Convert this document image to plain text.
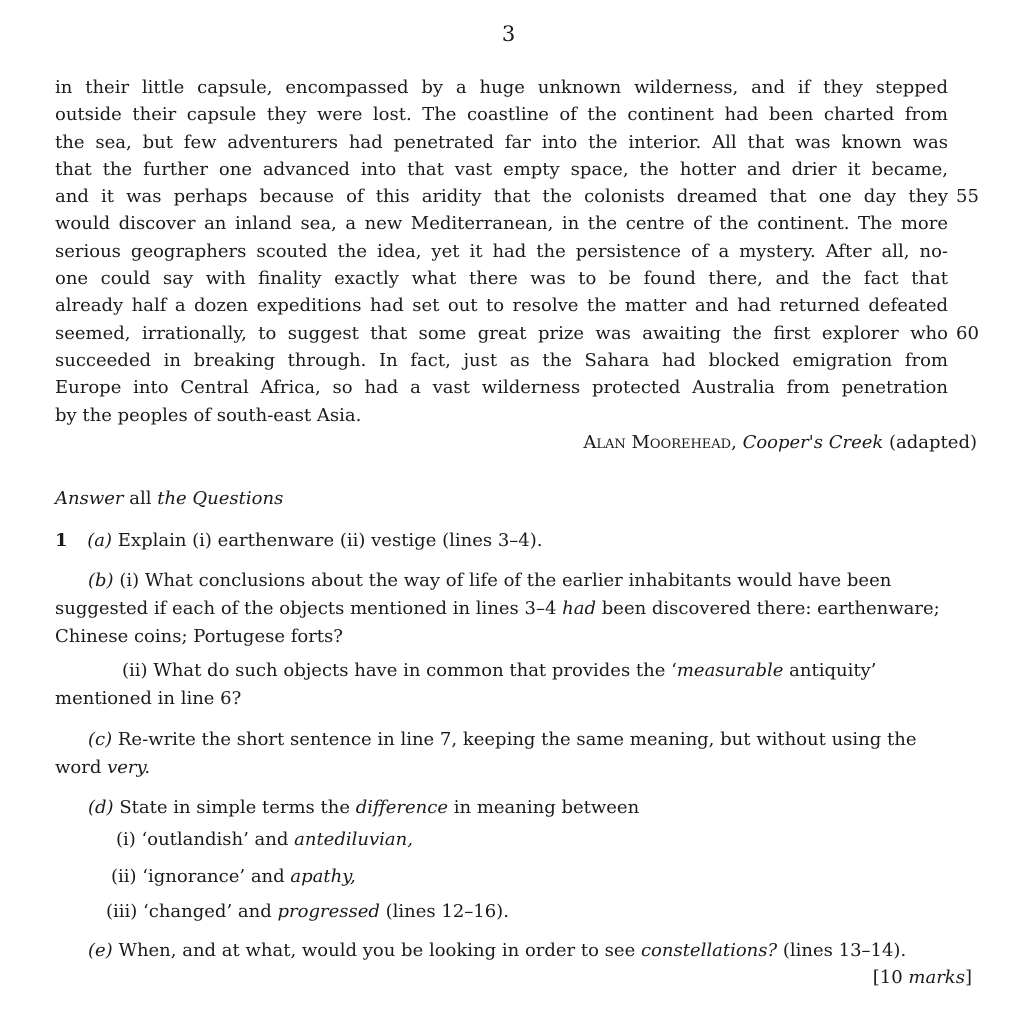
3
in their little capsule, encompassed by a huge unknown wilderness, and if they stepped
outside their capsule they were lost. The coastline of the continent had been charted from
the sea, but few adventurers had penetrated far into the interior. All that was known was
that the further one advanced into that vast empty space, the hotter and drier it became,
and it was perhaps because of this aridity that the colonists dreamed that one day they 55
would discover an inland sea, a new Mediterranean, in the centre of the continent. The more
serious geographers scouted the idea, yet it had the persistence of a mystery. After all, no-
one could say with finality exactly what there was to be found there, and the fact that
already half a dozen expeditions had set out to resolve the matter and had returned defeated
seemed, irrationally, to suggest that some great prize was awaiting the first explorer who 60
succeeded in breaking through. In fact, just as the Sahara had blocked emigration from
Europe into Central Africa, so had a vast wilderness protected Australia from penetration
by the peoples of south-east Asia.
Alan Moorehead, Cooper's Creek (adapted)
Answer all the Questions
1 (a) Explain (i) earthenware (ii) vestige (lines 3–4).
(b) (i) What conclusions about the way of life of the earlier inhabitants would have been
suggested if each of the objects mentioned in lines 3–4 had been discovered there: earthenware;
Chinese coins; Portugese forts?
(ii) What do such objects have in common that provides the ‘measurable antiquity’
mentioned in line 6?
(c) Re-write the short sentence in line 7, keeping the same meaning, but without using the
word very.
(d) State in simple terms the difference in meaning between
(i) ‘outlandish’ and antediluvian,
(ii) ‘ignorance’ and apathy,
(iii) ‘changed’ and progressed (lines 12–16).
(e) When, and at what, would you be looking in order to see constellations? (lines 13–14).
[10 marks]
